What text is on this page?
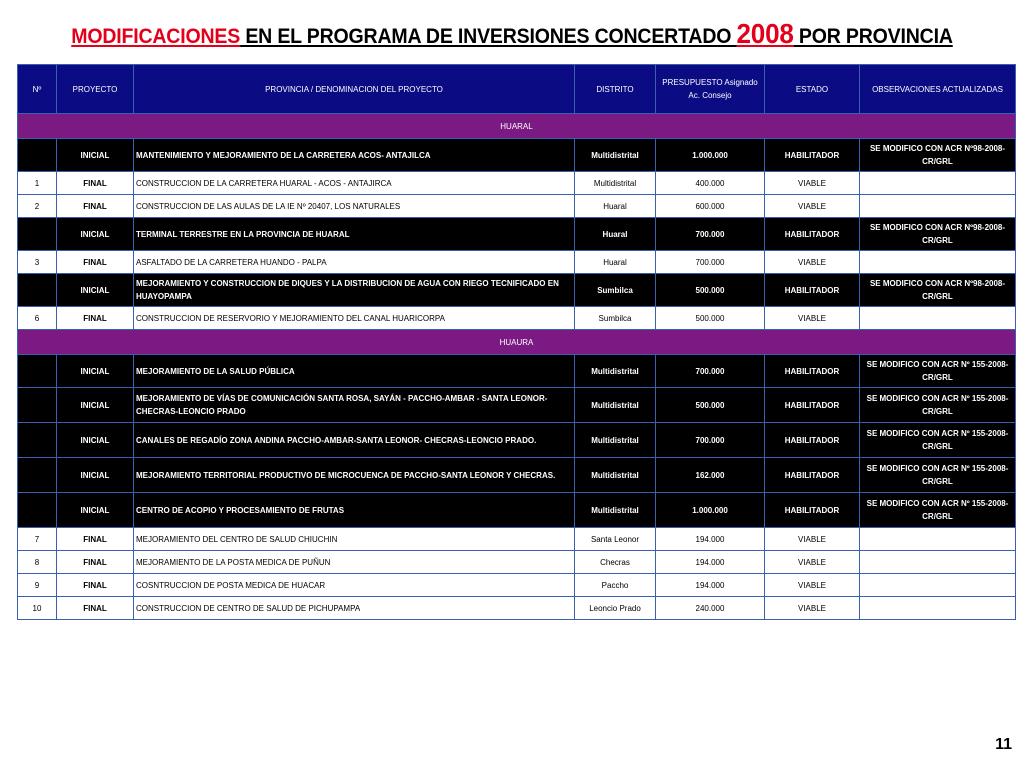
MODIFICACIONES EN EL PROGRAMA DE INVERSIONES CONCERTADO 2008 POR PROVINCIA
Nº	PROYECTO	PROVINCIA / DENOMINACION DEL PROYECTO	DISTRITO	PRESUPUESTO Asignado Ac. Consejo	ESTADO	OBSERVACIONES ACTUALIZADAS
HUARAL						
	INICIAL	MANTENIMIENTO Y MEJORAMIENTO DE LA CARRETERA ACOS- ANTAJILCA	Multidistrital	1.000.000	HABILITADOR	SE MODIFICO CON ACR Nº98-2008-CR/GRL
1	FINAL	CONSTRUCCION DE LA CARRETERA HUARAL - ACOS - ANTAJIRCA	Multidistrital	400.000	VIABLE	
2	FINAL	CONSTRUCCION DE LAS AULAS DE LA IE Nº 20407, LOS NATURALES	Huaral	600.000	VIABLE	
	INICIAL	TERMINAL TERRESTRE EN LA PROVINCIA DE HUARAL	Huaral	700.000	HABILITADOR	SE MODIFICO CON ACR Nº98-2008-CR/GRL
3	FINAL	ASFALTADO DE LA CARRETERA HUANDO - PALPA	Huaral	700.000	VIABLE	
	INICIAL	MEJORAMIENTO Y CONSTRUCCION DE DIQUES Y LA DISTRIBUCION DE AGUA CON RIEGO TECNIFICADO EN HUAYOPAMPA	Sumbilca	500.000	HABILITADOR	SE MODIFICO CON ACR Nº98-2008-CR/GRL
6	FINAL	CONSTRUCCION DE RESERVORIO Y MEJORAMIENTO DEL CANAL HUARICORPA	Sumbilca	500.000	VIABLE	
HUAURA						
	INICIAL	MEJORAMIENTO DE LA SALUD PÚBLICA	Multidistrital	700.000	HABILITADOR	SE MODIFICO CON ACR Nº 155-2008-CR/GRL
	INICIAL	MEJORAMIENTO DE VÍAS DE COMUNICACIÓN SANTA ROSA, SAYÁN - PACCHO-AMBAR - SANTA LEONOR-CHECRAS-LEONCIO PRADO	Multidistrital	500.000	HABILITADOR	SE MODIFICO CON ACR Nº 155-2008-CR/GRL
	INICIAL	CANALES DE REGADÍO ZONA ANDINA PACCHO-AMBAR-SANTA LEONOR- CHECRAS-LEONCIO PRADO.	Multidistrital	700.000	HABILITADOR	SE MODIFICO CON ACR Nº 155-2008-CR/GRL
	INICIAL	MEJORAMIENTO TERRITORIAL PRODUCTIVO DE MICROCUENCA DE PACCHO-SANTA LEONOR Y CHECRAS.	Multidistrital	162.000	HABILITADOR	SE MODIFICO CON ACR Nº 155-2008-CR/GRL
	INICIAL	CENTRO DE ACOPIO Y PROCESAMIENTO DE FRUTAS	Multidistrital	1.000.000	HABILITADOR	SE MODIFICO CON ACR Nº 155-2008-CR/GRL
7	FINAL	MEJORAMIENTO DEL CENTRO DE SALUD CHIUCHIN	Santa Leonor	194.000	VIABLE	
8	FINAL	MEJORAMIENTO DE LA POSTA MEDICA DE PUÑUN	Checras	194.000	VIABLE	
9	FINAL	COSNTRUCCION DE POSTA MEDICA DE HUACAR	Paccho	194.000	VIABLE	
10	FINAL	CONSTRUCCION DE CENTRO DE SALUD DE PICHUPAMPA	Leoncio Prado	240.000	VIABLE	
11
